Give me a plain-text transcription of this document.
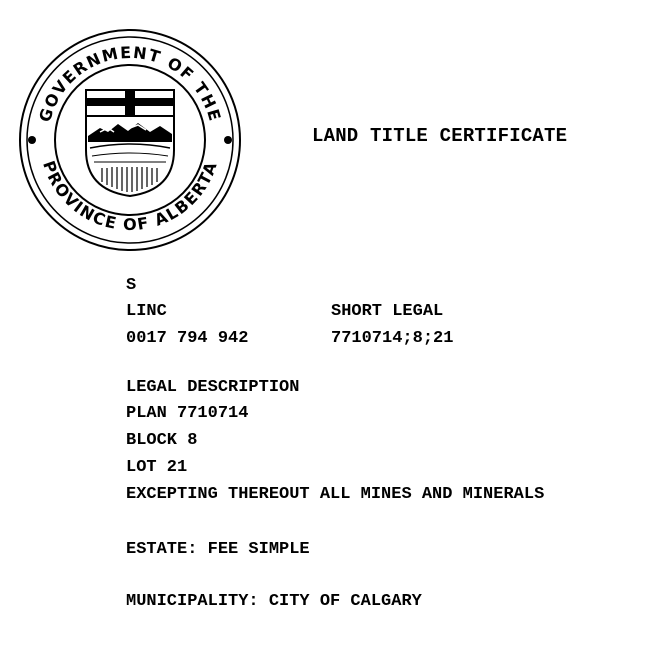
GOVERNMENT OF THE
PROVINCE OF ALBERTA
LAND TITLE CERTIFICATE
S
LINC	SHORT LEGAL
0017 794 942	7710714;8;21
LEGAL DESCRIPTION
PLAN 7710714
BLOCK 8
LOT 21
EXCEPTING THEREOUT ALL MINES AND MINERALS
ESTATE: FEE SIMPLE
MUNICIPALITY: CITY OF CALGARY
